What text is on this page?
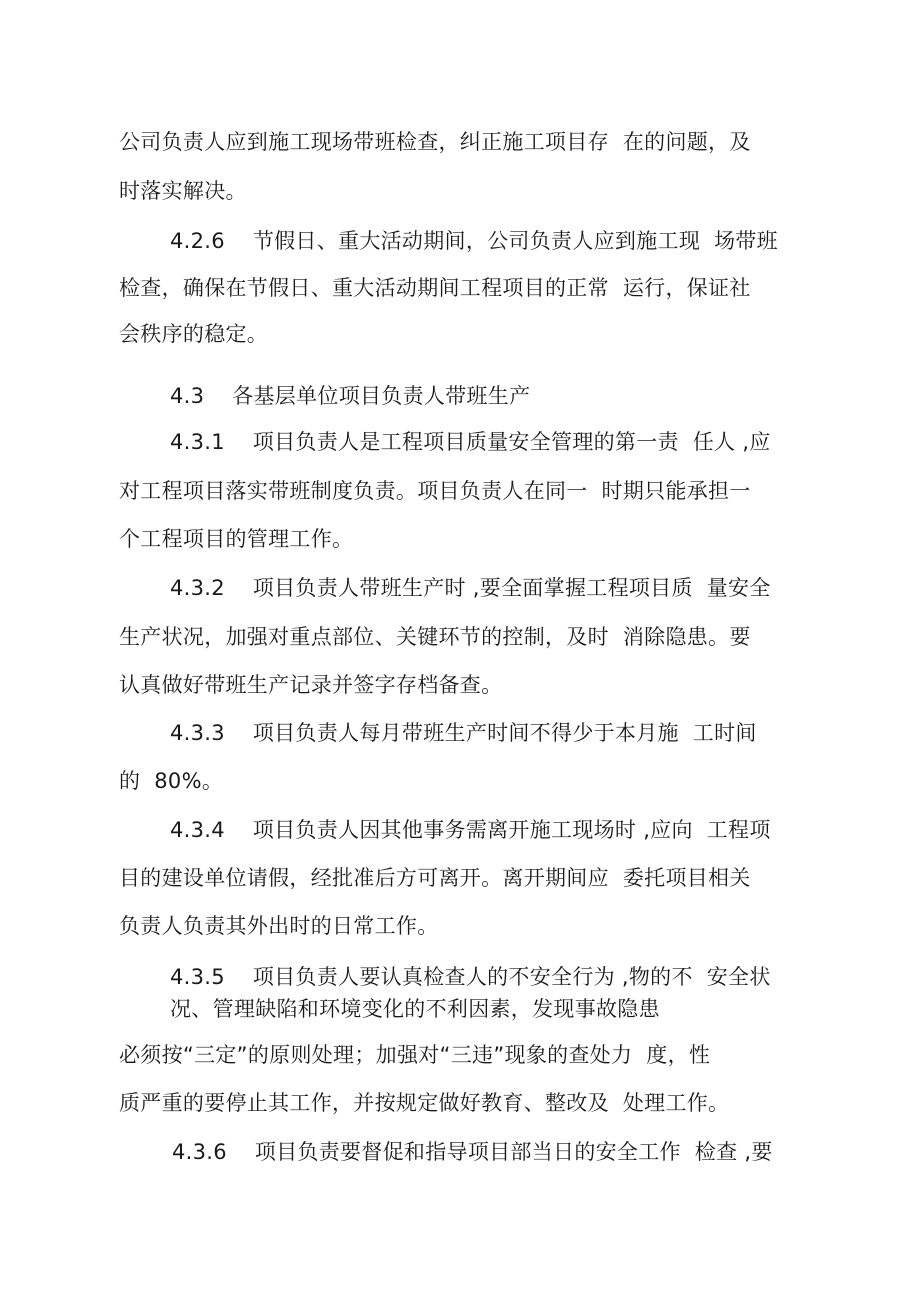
公司负责人应到施工现场带班检查，纠正施工项目存  在的问题，及
时落实解决。
4.2.6    节假日、重大活动期间，公司负责人应到施工现  场带班
检查，确保在节假日、重大活动期间工程项目的正常  运行，保证社
会秩序的稳定。
4.3    各基层单位项目负责人带班生产
4.3.1    项目负责人是工程项目质量安全管理的第一责  任人 ,应
对工程项目落实带班制度负责。项目负责人在同一  时期只能承担一
个工程项目的管理工作。
4.3.2    项目负责人带班生产时 ,要全面掌握工程项目质  量安全
生产状况，加强对重点部位、关键环节的控制，及时  消除隐患。要
认真做好带班生产记录并签字存档备查。
4.3.3    项目负责人每月带班生产时间不得少于本月施  工时间
的  80%。
4.3.4    项目负责人因其他事务需离开施工现场时 ,应向  工程项
目的建设单位请假，经批准后方可离开。离开期间应  委托项目相关
负责人负责其外出时的日常工作。
4.3.5    项目负责人要认真检查人的不安全行为 ,物的不  安全状
况、管理缺陷和环境变化的不利因素，发现事故隐患
必须按“三定”的原则处理；加强对“三违”现象的查处力  度，性
质严重的要停止其工作，并按规定做好教育、整改及  处理工作。
4.3.6    项目负责要督促和指导项目部当日的安全工作  检查 ,要
